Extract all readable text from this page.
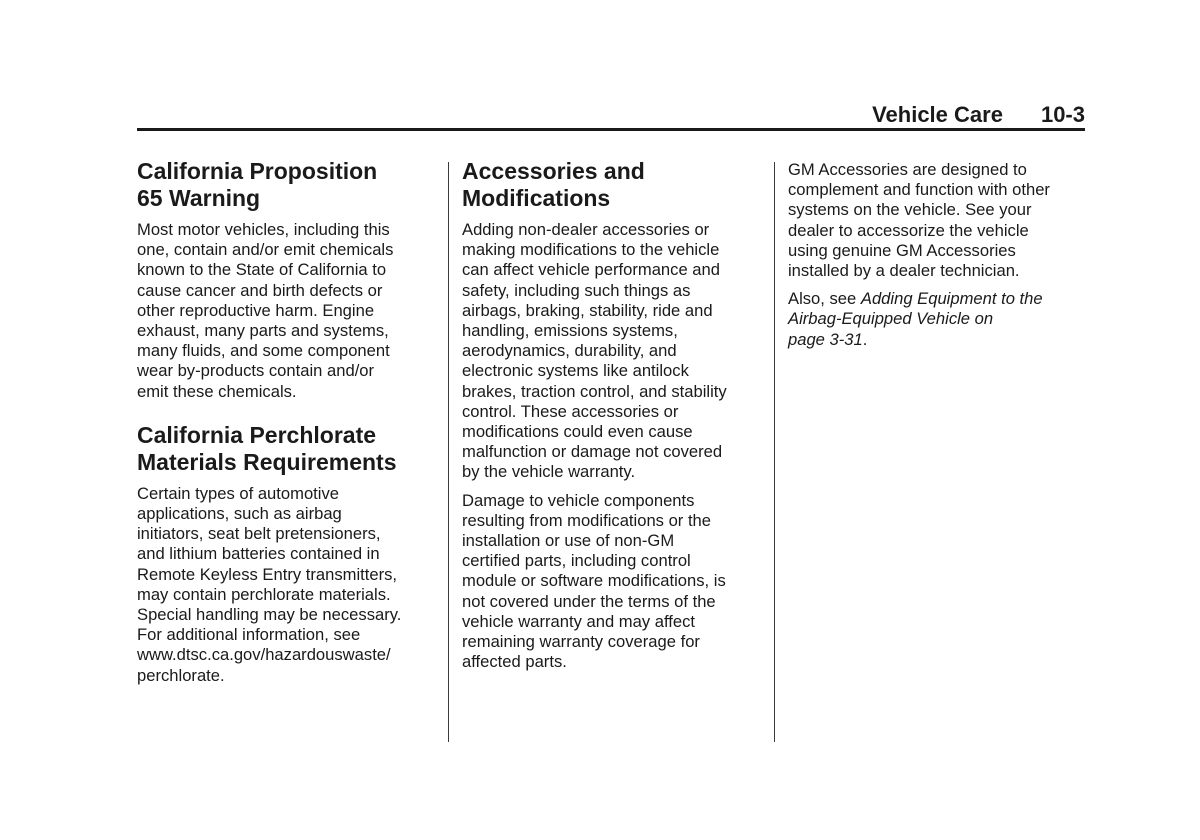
Vehicle Care 10-3
California Proposition
65 Warning

Most motor vehicles, including this
one, contain and/or emit chemicals
known to the State of California to
cause cancer and birth defects or
other reproductive harm. Engine
exhaust, many parts and systems,
many fluids, and some component
wear by-products contain and/or
emit these chemicals.

California Perchlorate
Materials Requirements

Certain types of automotive
applications, such as airbag
initiators, seat belt pretensioners,
and lithium batteries contained in
Remote Keyless Entry transmitters,
may contain perchlorate materials.
Special handling may be necessary.
For additional information, see
www.dtsc.ca.gov/hazardouswaste/
perchlorate.

Accessories and
Modifications

Adding non-dealer accessories or
making modifications to the vehicle
can affect vehicle performance and
safety, including such things as
airbags, braking, stability, ride and
handling, emissions systems,
aerodynamics, durability, and
electronic systems like antilock
brakes, traction control, and stability
control. These accessories or
modifications could even cause
malfunction or damage not covered
by the vehicle warranty.

Damage to vehicle components
resulting from modifications or the
installation or use of non-GM
certified parts, including control
module or software modifications, is
not covered under the terms of the
vehicle warranty and may affect
remaining warranty coverage for
affected parts.

GM Accessories are designed to
complement and function with other
systems on the vehicle. See your
dealer to accessorize the vehicle
using genuine GM Accessories
installed by a dealer technician.

Also, see Adding Equipment to the
Airbag-Equipped Vehicle on
page 3-31.
